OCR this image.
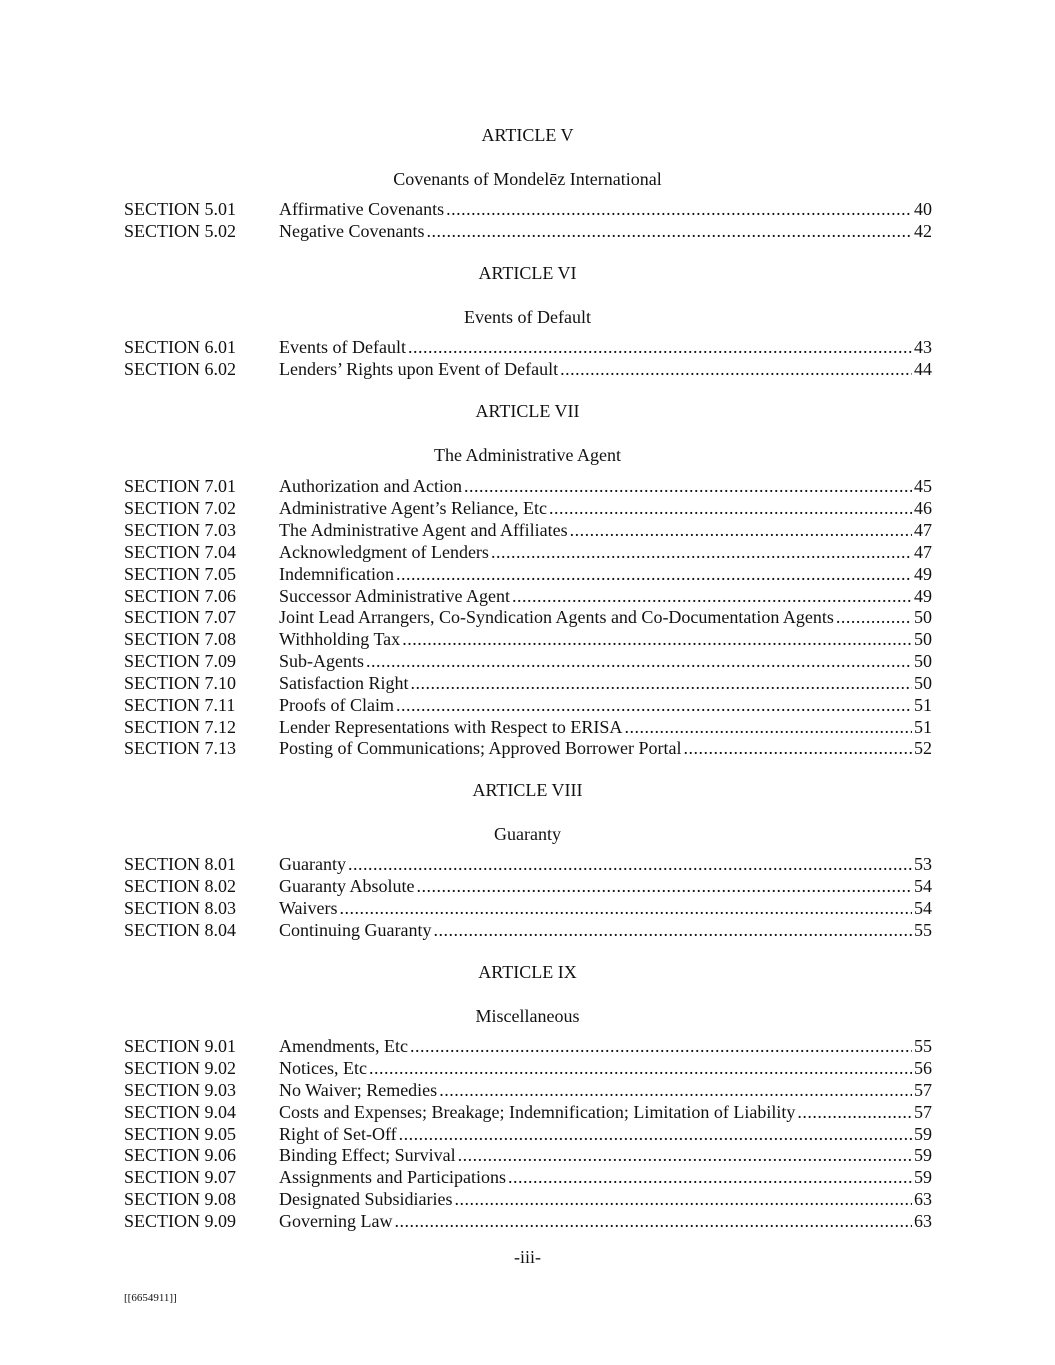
ARTICLE V
Covenants of Mondelēz International
SECTION 5.01	Affirmative Covenants .....	40
SECTION 5.02	Negative Covenants .....	42
ARTICLE VI
Events of Default
SECTION 6.01	Events of Default .....	43
SECTION 6.02	Lenders’ Rights upon Event of Default .....	44
ARTICLE VII
The Administrative Agent
SECTION 7.01	Authorization and Action .....	45
SECTION 7.02	Administrative Agent’s Reliance, Etc .....	46
SECTION 7.03	The Administrative Agent and Affiliates .....	47
SECTION 7.04	Acknowledgment of Lenders .....	47
SECTION 7.05	Indemnification .....	49
SECTION 7.06	Successor Administrative Agent .....	49
SECTION 7.07	Joint Lead Arrangers, Co-Syndication Agents and Co-Documentation Agents .....	50
SECTION 7.08	Withholding Tax .....	50
SECTION 7.09	Sub-Agents .....	50
SECTION 7.10	Satisfaction Right .....	50
SECTION 7.11	Proofs of Claim .....	51
SECTION 7.12	Lender Representations with Respect to ERISA .....	51
SECTION 7.13	Posting of Communications; Approved Borrower Portal .....	52
ARTICLE VIII
Guaranty
SECTION 8.01	Guaranty .....	53
SECTION 8.02	Guaranty Absolute .....	54
SECTION 8.03	Waivers .....	54
SECTION 8.04	Continuing Guaranty .....	55
ARTICLE IX
Miscellaneous
SECTION 9.01	Amendments, Etc .....	55
SECTION 9.02	Notices, Etc .....	56
SECTION 9.03	No Waiver; Remedies .....	57
SECTION 9.04	Costs and Expenses; Breakage; Indemnification; Limitation of Liability .....	57
SECTION 9.05	Right of Set-Off .....	59
SECTION 9.06	Binding Effect; Survival .....	59
SECTION 9.07	Assignments and Participations .....	59
SECTION 9.08	Designated Subsidiaries .....	63
SECTION 9.09	Governing Law .....	63
-iii-
[[6654911]]
